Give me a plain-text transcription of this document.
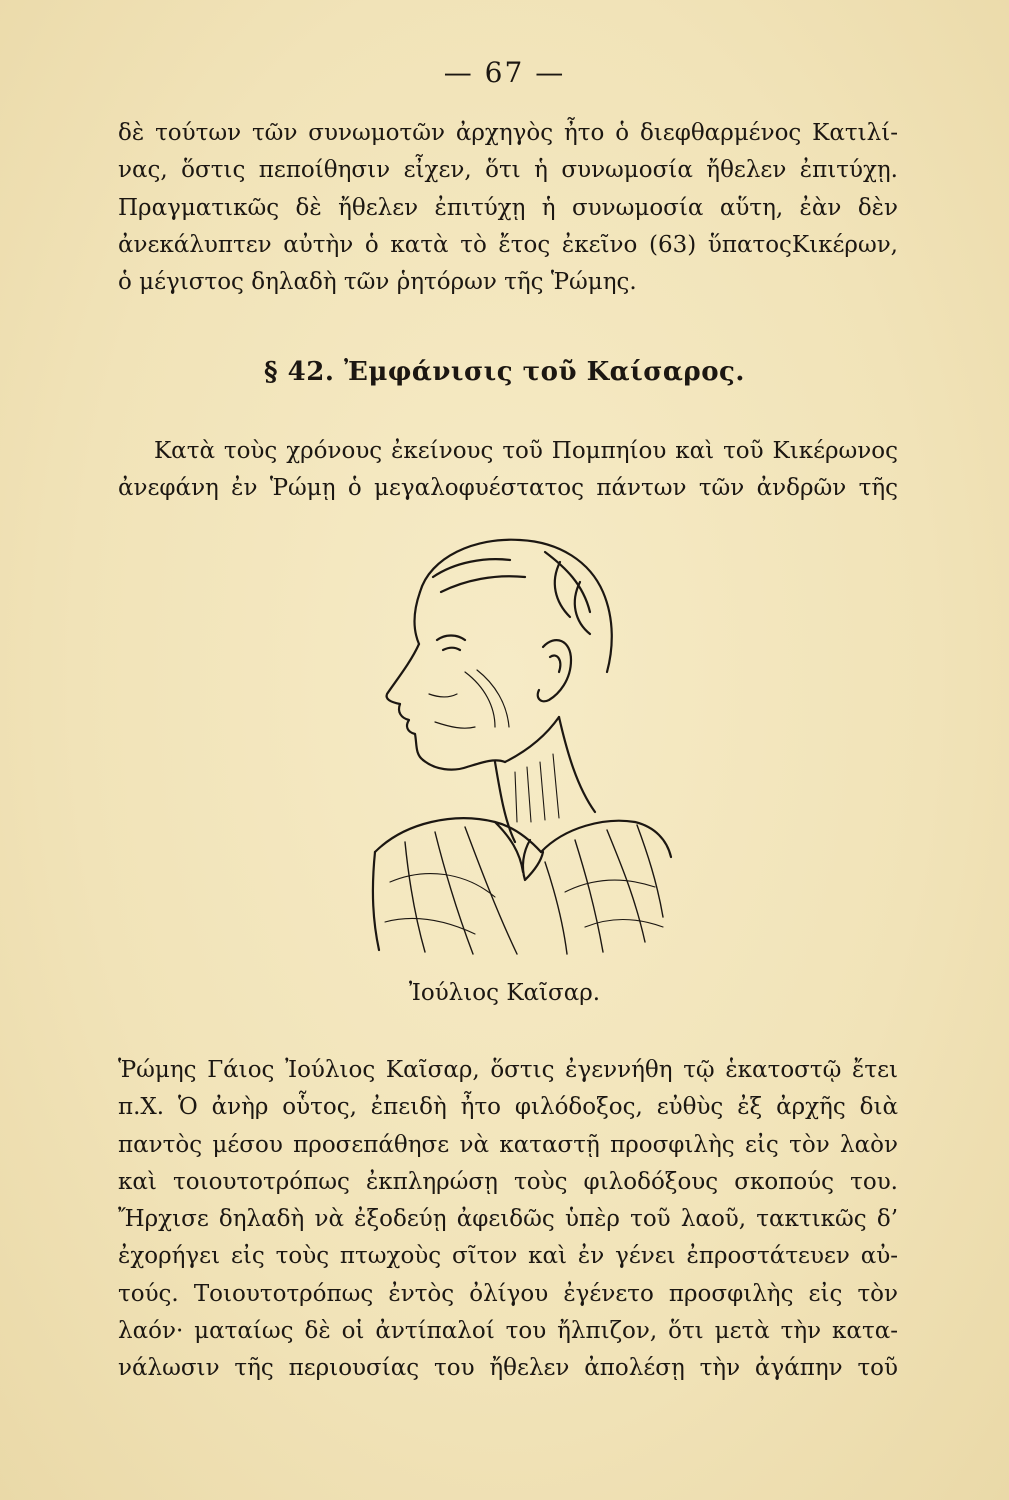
— 67 —
δὲ τούτων τῶν συνωμοτῶν ἀρχηγὸς ἦτο ὁ διεφθαρμένος Κατιλί-
νας, ὅστις πεποίθησιν εἶχεν, ὅτι ἡ συνωμοσία ἤθελεν ἐπιτύχῃ.
Πραγματικῶς δὲ ἤθελεν ἐπιτύχῃ ἡ συνωμοσία αὕτη, ἐὰν δὲν
ἀνεκάλυπτεν αὐτὴν ὁ κατὰ τὸ ἔτος ἐκεῖνο (63) ὕπατοςΚικέρων,
ὁ μέγιστος δηλαδὴ τῶν ῥητόρων τῆς Ῥώμης.
§ 42. Ἐμφάνισις τοῦ Καίσαρος.
Κατὰ τοὺς χρόνους ἐκείνους τοῦ Πομπηίου καὶ τοῦ Κικέρωνος
ἀνεφάνη ἐν Ῥώμῃ ὁ μεγαλοφυέστατος πάντων τῶν ἀνδρῶν τῆς
Ἰούλιος Καῖσαρ.
Ῥώμης Γάιος Ἰούλιος Καῖσαρ, ὅστις ἐγεννήθη τῷ ἑκατοστῷ ἔτει
π.Χ. Ὁ ἀνὴρ οὗτος, ἐπειδὴ ἦτο φιλόδοξος, εὐθὺς ἐξ ἀρχῆς διὰ
παντὸς μέσου προσεπάθησε νὰ καταστῇ προσφιλὴς εἰς τὸν λαὸν
καὶ τοιουτοτρόπως ἐκπληρώσῃ τοὺς φιλοδόξους σκοπούς του.
Ἤρχισε δηλαδὴ νὰ ἐξοδεύῃ ἀφειδῶς ὑπὲρ τοῦ λαοῦ, τακτικῶς δ’
ἐχορήγει εἰς τοὺς πτωχοὺς σῖτον καὶ ἐν γένει ἐπροστάτευεν αὐ-
τούς. Τοιουτοτρόπως ἐντὸς ὀλίγου ἐγένετο προσφιλὴς εἰς τὸν
λαόν· ματαίως δὲ οἱ ἀντίπαλοί του ἤλπιζον, ὅτι μετὰ τὴν κατα-
νάλωσιν τῆς περιουσίας του ἤθελεν ἀπολέσῃ τὴν ἀγάπην τοῦ
